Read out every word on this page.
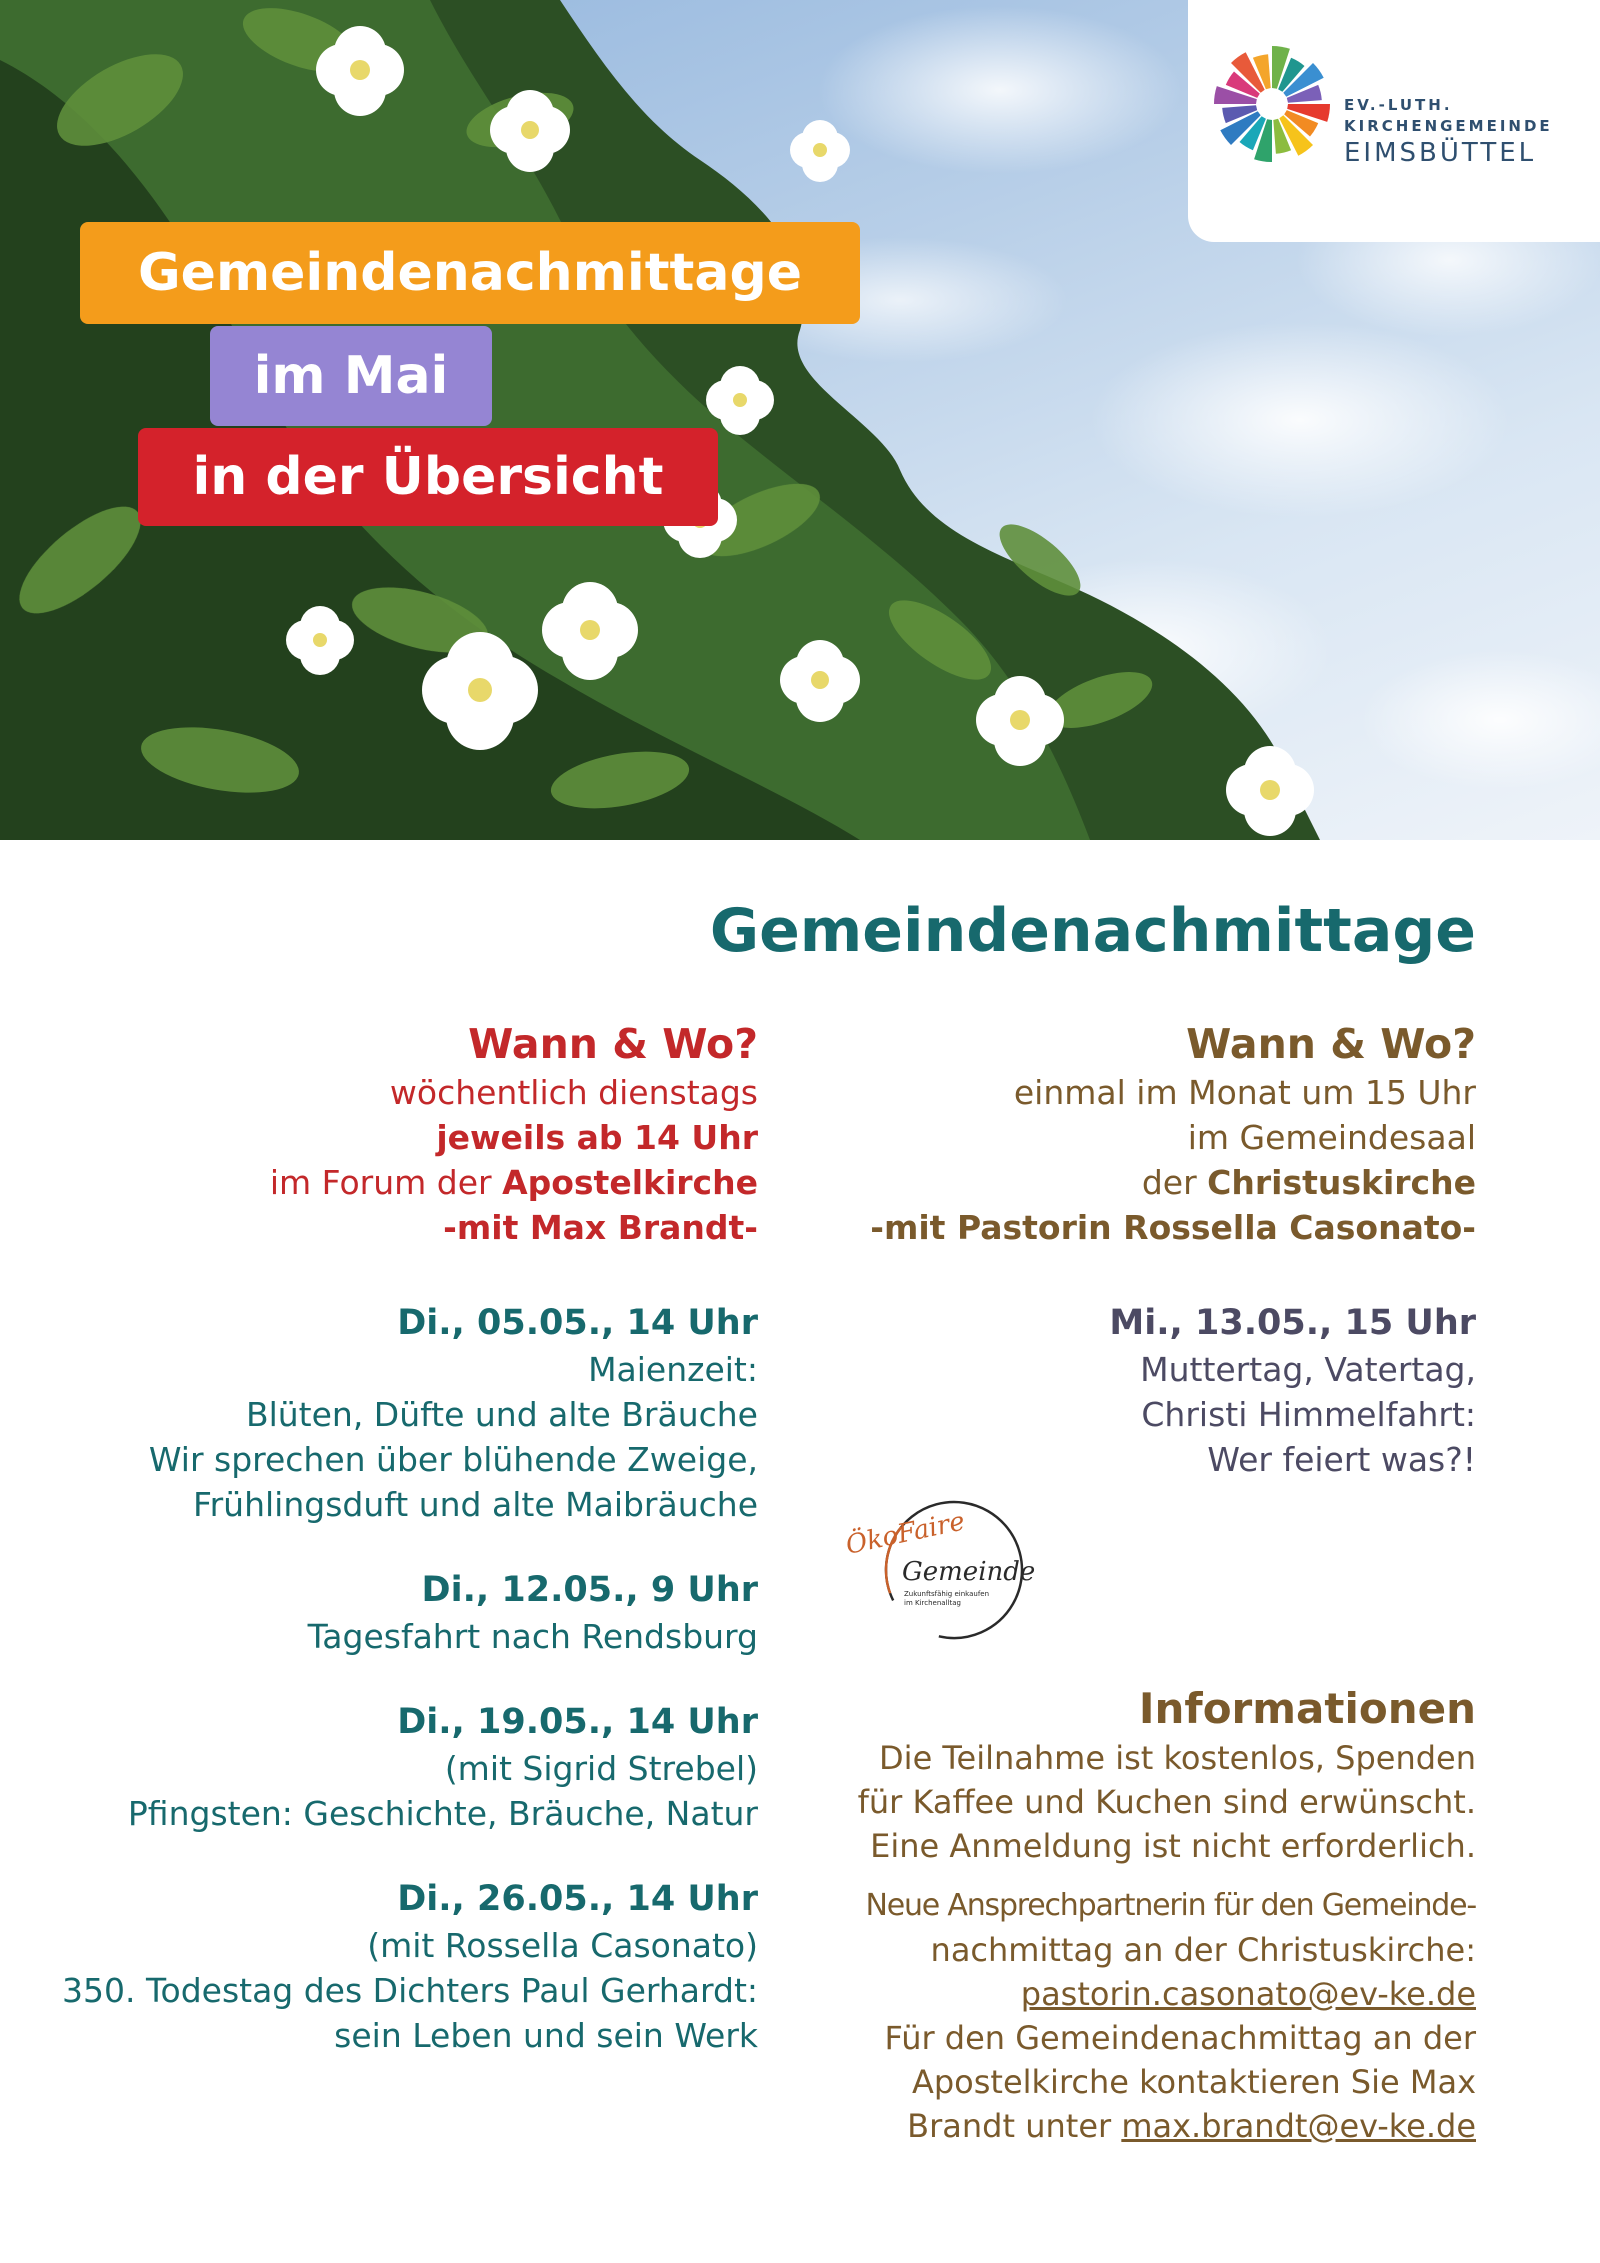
EV.-LUTH.
KIRCHENGEMEINDE
EIMSBÜTTEL
Gemeindenachmittage
im Mai
in der Übersicht
Gemeindenachmittage
Wann & Wo?
wöchentlich dienstags
jeweils ab 14 Uhr
im Forum der Apostelkirche
-mit Max Brandt-
Di., 05.05., 14 Uhr
Maienzeit:
Blüten, Düfte und alte Bräuche
Wir sprechen über blühende Zweige,
Frühlingsduft und alte Maibräuche
Di., 12.05., 9 Uhr
Tagesfahrt nach Rendsburg
Di., 19.05., 14 Uhr
(mit Sigrid Strebel)
Pfingsten: Geschichte, Bräuche, Natur
Di., 26.05., 14 Uhr
(mit Rossella Casonato)
350. Todestag des Dichters Paul Gerhardt:
sein Leben und sein Werk
Wann & Wo?
einmal im Monat um 15 Uhr
im Gemeindesaal
der Christuskirche
-mit Pastorin Rossella Casonato-
Mi., 13.05., 15 Uhr
Muttertag, Vatertag,
Christi Himmelfahrt:
Wer feiert was?!
ÖkoFaire
Gemeinde
Zukunftsfähig einkaufen
im Kirchenalltag
Informationen
Die Teilnahme ist kostenlos, Spenden
für Kaffee und Kuchen sind erwünscht.
Eine Anmeldung ist nicht erforderlich.
Neue Ansprechpartnerin für den Gemeinde-
nachmittag an der Christuskirche:
pastorin.casonato@ev-ke.de
Für den Gemeindenachmittag an der
Apostelkirche kontaktieren Sie Max
Brandt unter max.brandt@ev-ke.de
